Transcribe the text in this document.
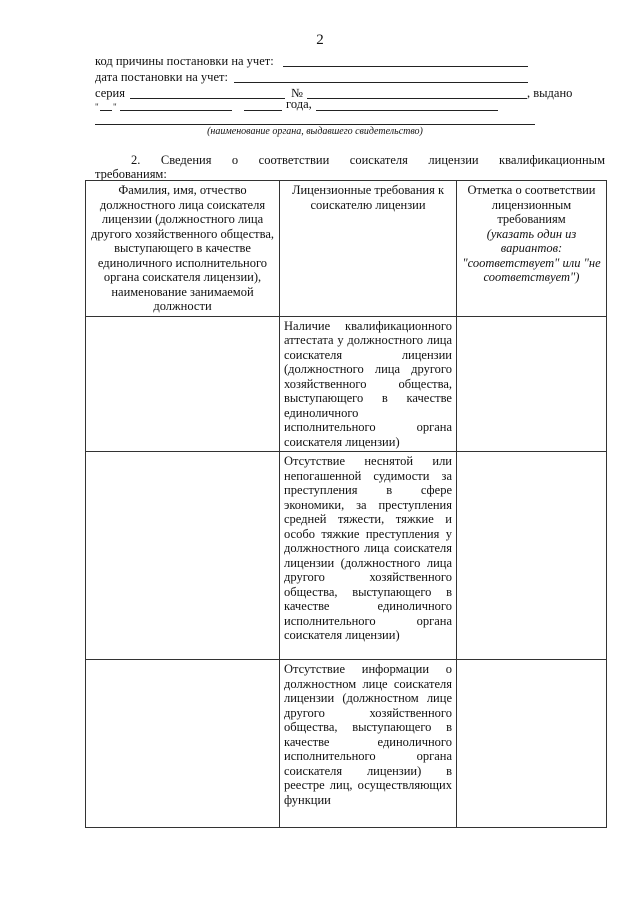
2
код причины постановки на учет:
дата постановки на учет:
серия	№	, выдано
" "	года,
(наименование органа, выдавшего свидетельство)
2. Сведения о соответствии соискателя лицензии квалификационным
требованиям:
Фамилия, имя, отчество должностного лица соискателя лицензии (должностного лица другого хозяйственного общества, выступающего в качестве единоличного исполнительного органа соискателя лицензии), наименование занимаемой должности	Лицензионные требования к соискателю лицензии	Отметка о соответствии лицензионным требованиям
(указать один из вариантов: "соответствует" или "не соответствует")

	Наличие квалификационного аттестата у должностного лица соискателя лицензии (должностного лица другого хозяйственного общества, выступающего в качестве единоличного исполнительного органа соискателя лицензии)	
	Отсутствие неснятой или непогашенной судимости за преступления в сфере экономики, за преступления средней тяжести, тяжкие и особо тяжкие преступления у должностного лица соискателя лицензии (должностного лица другого хозяйственного общества, выступающего в качестве единоличного исполнительного органа соискателя лицензии)	
	Отсутствие информации о должностном лице соискателя лицензии (должностном лице другого хозяйственного общества, выступающего в качестве единоличного исполнительного органа соискателя лицензии) в реестре лиц, осуществляющих функции	
